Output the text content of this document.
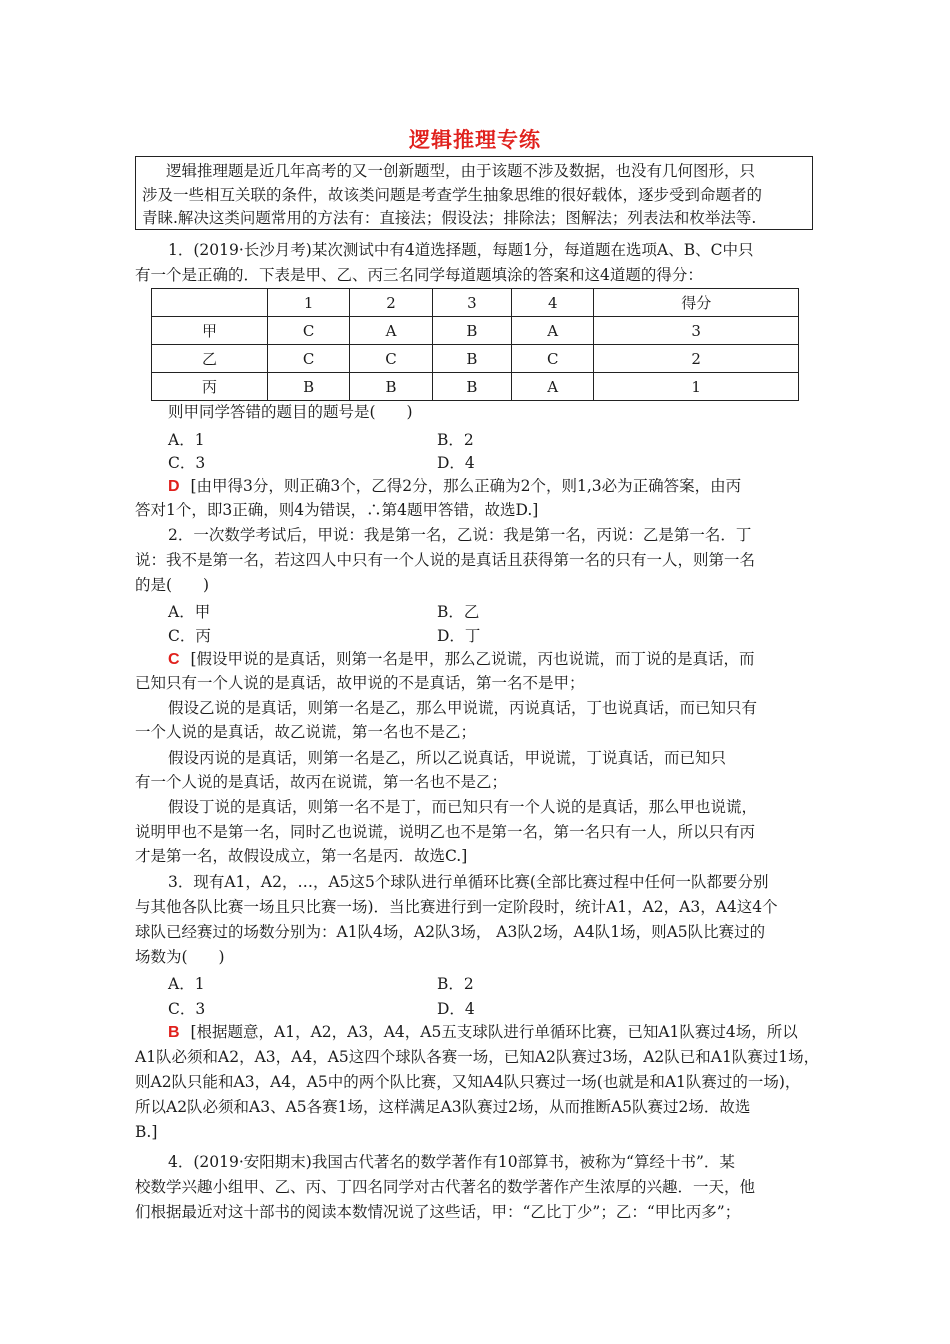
逻辑推理专练
逻辑推理题是近几年高考的又一创新题型，由于该题不涉及数据，也没有几何图形，只
涉及一些相互关联的条件，故该类问题是考查学生抽象思维的很好载体，逐步受到命题者的
青睐.解决这类问题常用的方法有：直接法；假设法；排除法；图解法；列表法和枚举法等.
1．(2019·长沙月考)某次测试中有4道选择题，每题1分，每道题在选项A、B、C中只
有一个是正确的．下表是甲、乙、丙三名同学每道题填涂的答案和这4道题的得分：
	1	2	3	4	得分
甲	C	A	B	A	3
乙	C	C	B	C	2
丙	B	B	B	A	1
则甲同学答错的题目的题号是(　　)
A．1	B．2
C．3	D．4
D [由甲得3分，则正确3个，乙得2分，那么正确为2个，则1,3必为正确答案，由丙
答对1个，即3正确，则4为错误，∴第4题甲答错，故选D.]
2．一次数学考试后，甲说：我是第一名，乙说：我是第一名，丙说：乙是第一名．丁
说：我不是第一名，若这四人中只有一个人说的是真话且获得第一名的只有一人，则第一名
的是(　　)
A．甲	B．乙
C．丙	D．丁
C [假设甲说的是真话，则第一名是甲，那么乙说谎，丙也说谎，而丁说的是真话，而
已知只有一个人说的是真话，故甲说的不是真话，第一名不是甲；
假设乙说的是真话，则第一名是乙，那么甲说谎，丙说真话，丁也说真话，而已知只有
一个人说的是真话，故乙说谎，第一名也不是乙；
假设丙说的是真话，则第一名是乙，所以乙说真话，甲说谎，丁说真话，而已知只
有一个人说的是真话，故丙在说谎，第一名也不是乙；
假设丁说的是真话，则第一名不是丁，而已知只有一个人说的是真话，那么甲也说谎，
说明甲也不是第一名，同时乙也说谎，说明乙也不是第一名，第一名只有一人，所以只有丙
才是第一名，故假设成立，第一名是丙．故选C.]
3．现有A1，A2，…，A5这5个球队进行单循环比赛(全部比赛过程中任何一队都要分别
与其他各队比赛一场且只比赛一场)．当比赛进行到一定阶段时，统计A1，A2，A3，A4这4个
球队已经赛过的场数分别为：A1队4场，A2队3场， A3队2场，A4队1场，则A5队比赛过的
场数为(　　)
A．1	B．2
C．3	D．4
B [根据题意，A1，A2，A3，A4，A5五支球队进行单循环比赛，已知A1队赛过4场，所以
A1队必须和A2，A3，A4，A5这四个球队各赛一场，已知A2队赛过3场，A2队已和A1队赛过1场，
则A2队只能和A3，A4，A5中的两个队比赛，又知A4队只赛过一场(也就是和A1队赛过的一场)，
所以A2队必须和A3、A5各赛1场，这样满足A3队赛过2场，从而推断A5队赛过2场．故选
B.]
4．(2019·安阳期末)我国古代著名的数学著作有10部算书，被称为“算经十书”．某
校数学兴趣小组甲、乙、丙、丁四名同学对古代著名的数学著作产生浓厚的兴趣．一天，他
们根据最近对这十部书的阅读本数情况说了这些话，甲：“乙比丁少”；乙：“甲比丙多”；
